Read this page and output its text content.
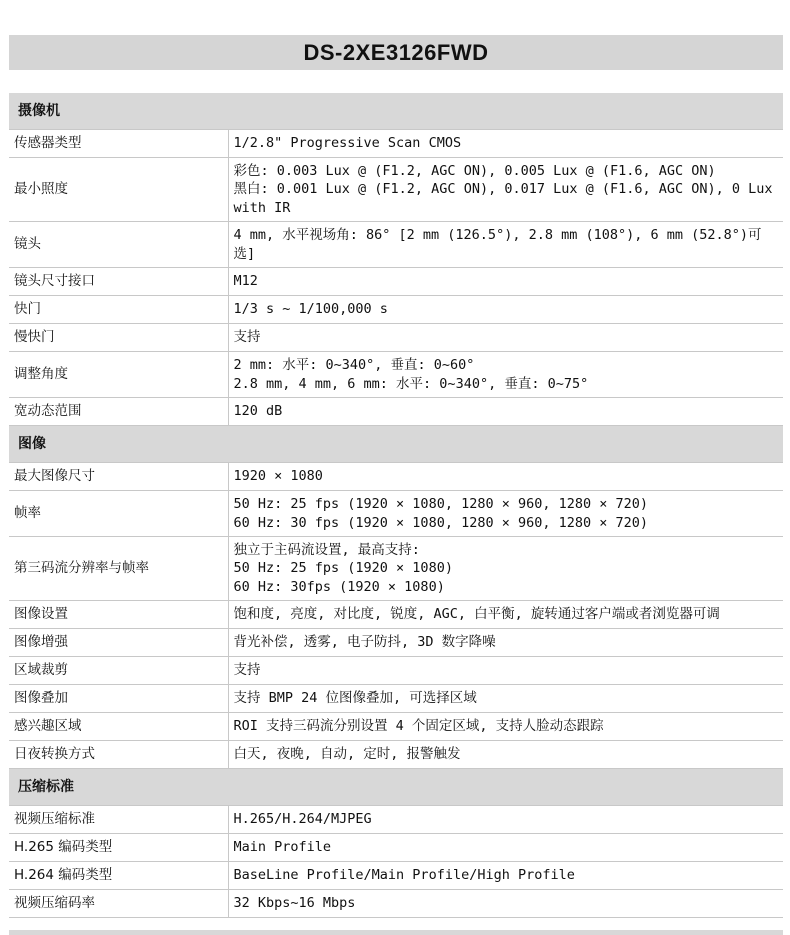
DS-2XE3126FWD
摄像机	
传感器类型	1/2.8" Progressive Scan CMOS
最小照度	彩色: 0.003 Lux @ (F1.2, AGC ON), 0.005 Lux @ (F1.6, AGC ON)
黑白: 0.001 Lux @ (F1.2, AGC ON), 0.017 Lux @ (F1.6, AGC ON), 0 Lux with IR
镜头	4 mm, 水平视场角: 86° [2 mm (126.5°), 2.8 mm (108°), 6 mm (52.8°)可选]
镜头尺寸接口	M12
快门	1/3 s ~ 1/100,000 s
慢快门	支持
调整角度	2 mm: 水平: 0~340°, 垂直: 0~60°
2.8 mm, 4 mm, 6 mm: 水平: 0~340°, 垂直: 0~75°
宽动态范围	120 dB
图像	
最大图像尺寸	1920 × 1080
帧率	50 Hz: 25 fps (1920 × 1080, 1280 × 960, 1280 × 720)
60 Hz: 30 fps (1920 × 1080, 1280 × 960, 1280 × 720)
第三码流分辨率与帧率	独立于主码流设置, 最高支持:
50 Hz: 25 fps (1920 × 1080)
60 Hz: 30fps (1920 × 1080)
图像设置	饱和度, 亮度, 对比度, 锐度, AGC, 白平衡, 旋转通过客户端或者浏览器可调
图像增强	背光补偿, 透雾, 电子防抖, 3D 数字降噪
区域裁剪	支持
图像叠加	支持 BMP 24 位图像叠加, 可选择区域
感兴趣区域	ROI 支持三码流分别设置 4 个固定区域, 支持人脸动态跟踪
日夜转换方式	白天, 夜晚, 自动, 定时, 报警触发
压缩标准	
视频压缩标准	H.265/H.264/MJPEG
H.265 编码类型	Main Profile
H.264 编码类型	BaseLine Profile/Main Profile/High Profile
视频压缩码率	32 Kbps~16 Mbps
